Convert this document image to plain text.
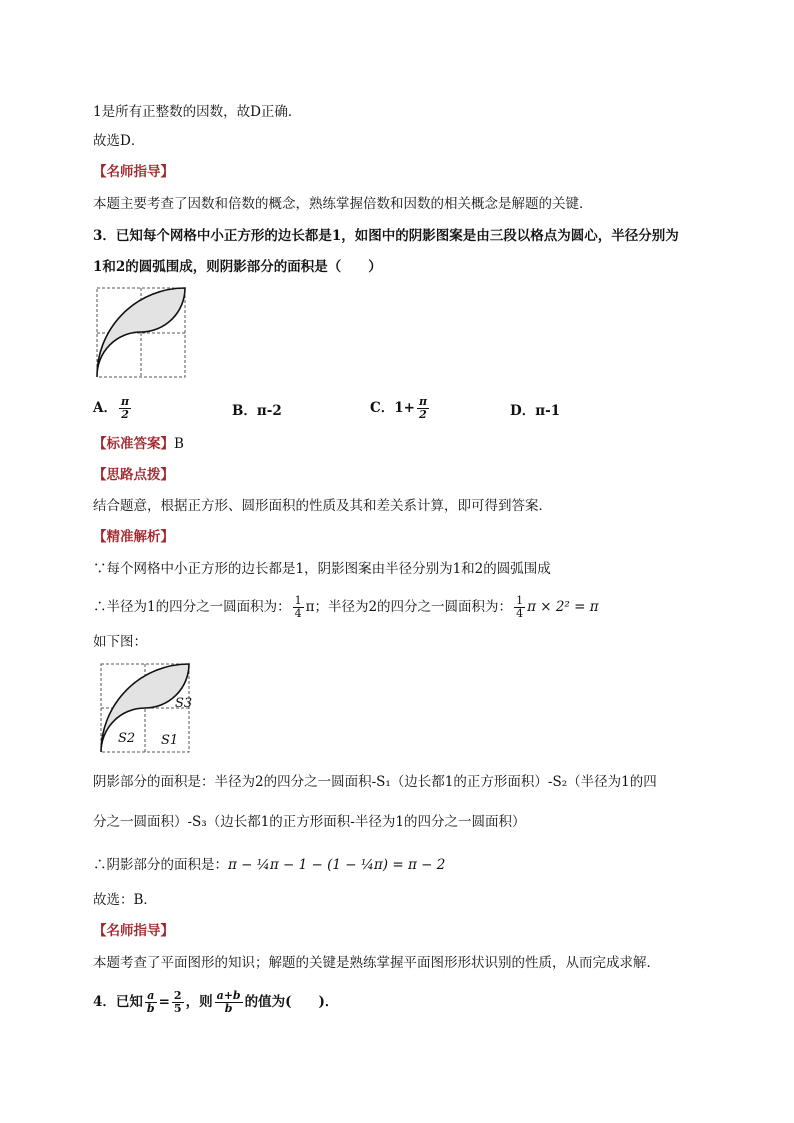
1是所有正整数的因数，故D正确．
故选D．
【名师指导】
本题主要考查了因数和倍数的概念，熟练掌握倍数和因数的相关概念是解题的关键．
3．已知每个网格中小正方形的边长都是1，如图中的阴影图案是由三段以格点为圆心，半径分别为
1和2的圆弧围成，则阴影部分的面积是（　　）
A． $\frac{\pi}{2}$	B．π-2	C．$1+ \frac{\pi}{2}$	D．π-1
【标准答案】B
【思路点拨】
结合题意，根据正方形、圆形面积的性质及其和差关系计算，即可得到答案．
【精准解析】
∵每个网格中小正方形的边长都是1，阴影图案由半径分别为1和2的圆弧围成
∴半径为1的四分之一圆面积为： $\frac{1}{4}$ π；半径为2的四分之一圆面积为： $\frac{1}{4}$ π × 2² = π
如下图：
S3
S2 S1
阴影部分的面积是：半径为2的四分之一圆面积-S₁（边长都1的正方形面积）-S₂（半径为1的四
分之一圆面积）-S₃（边长都1的正方形面积-半径为1的四分之一圆面积）
∴阴影部分的面积是：π − ¼π − 1 − (1 − ¼π) = π − 2
故选：B．
【名师指导】
本题考查了平面图形的知识；解题的关键是熟练掌握平面图形形状识别的性质，从而完成求解．
4．已知 $\frac{a}{b} = \frac{2}{5}$ ，则 $\frac{a+b}{b}$ 的值为(　　)．
